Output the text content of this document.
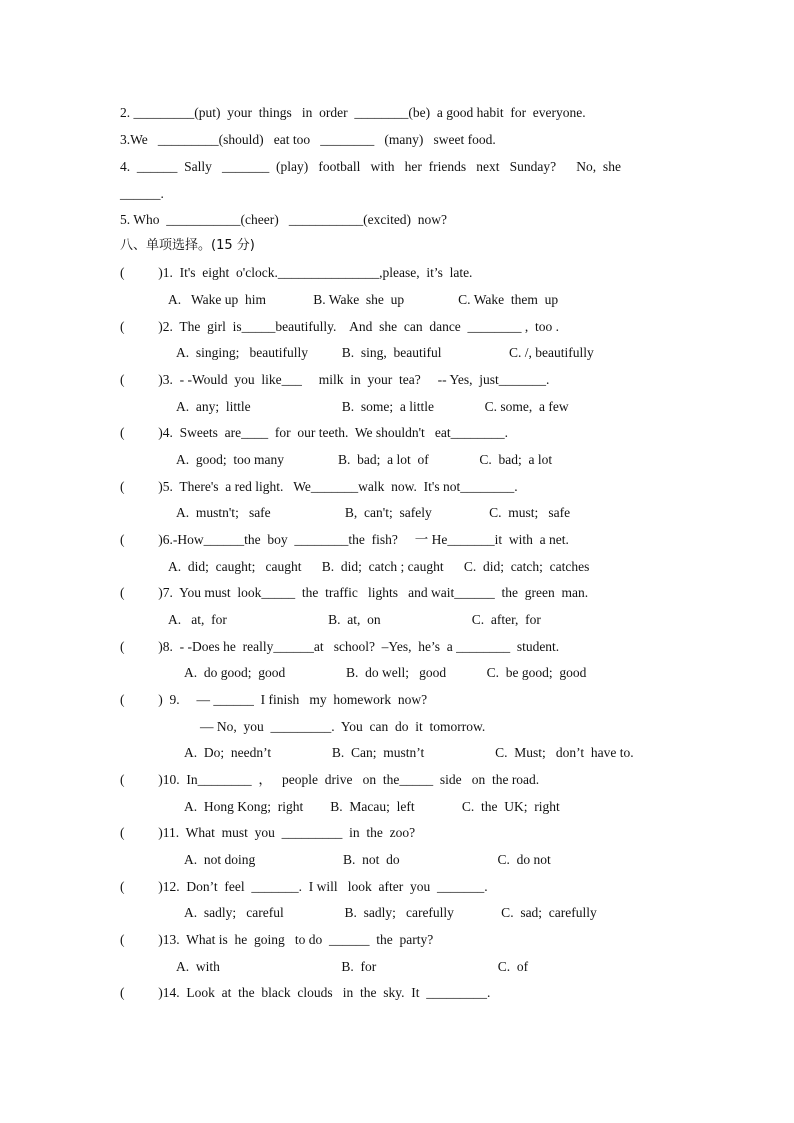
2. _________(put)  your  things   in  order  ________(be)  a good habit  for  everyone.
3.We   _________(should)   eat too   ________   (many)   sweet food.
4.  ______  Sally   _______  (play)   football   with   her  friends   next   Sunday?      No,  she
______.
5. Who  ___________(cheer)   ___________(excited)  now?
八、单项选择。(15 分)
(          )1.  It's  eight  o'clock._______________,please,  it’s  late.
A.   Wake up  him              B. Wake  she  up                C. Wake  them  up
(          )2.  The  girl  is_____beautifully.    And  she  can  dance  ________ ,  too .
A.  singing;   beautifully          B.  sing,  beautiful                    C. /, beautifully
(          )3.  - -Would  you  like___     milk  in  your  tea?     -- Yes,  just_______.
A.  any;  little                           B.  some;  a little               C. some,  a few
(          )4.  Sweets  are____  for  our teeth.  We shouldn't   eat________.
A.  good;  too many                B.  bad;  a lot  of               C.  bad;  a lot
(          )5.  There's  a red light.   We_______walk  now.  It's not________.
A.  mustn't;   safe                      B,  can't;  safely                 C.  must;   safe
(          )6.-How______the  boy  ________the  fish?     一 He_______it  with  a net.
A.  did;  caught;   caught      B.  did;  catch ; caught      C.  did;  catch;  catches
(          )7.  You must  look_____  the  traffic   lights   and wait______  the  green  man.
A.   at,  for                              B.  at,  on                           C.  after,  for
(          )8.  - -Does he  really______at   school?  –Yes,  he’s  a ________  student.
A.  do good;  good                  B.  do well;   good            C.  be good;  good
(          )  9.     — ______  I finish   my  homework  now?
— No,  you  _________.  You  can  do  it  tomorrow.
A.  Do;  needn’t                  B.  Can;  mustn’t                     C.  Must;   don’t  have to.
(          )10.  In________  ，   people  drive   on  the_____  side   on  the road.
A.  Hong Kong;  right        B.  Macau;  left              C.  the  UK;  right
(          )11.  What  must  you  _________  in  the  zoo?
A.  not doing                          B.  not  do                             C.  do not
(          )12.  Don’t  feel  _______.  I will   look  after  you  _______.
A.  sadly;   careful                  B.  sadly;   carefully              C.  sad;  carefully
(          )13.  What is  he  going   to do  ______  the  party?
A.  with                                    B.  for                                    C.  of
(          )14.  Look  at  the  black  clouds   in  the  sky.  It  _________.
